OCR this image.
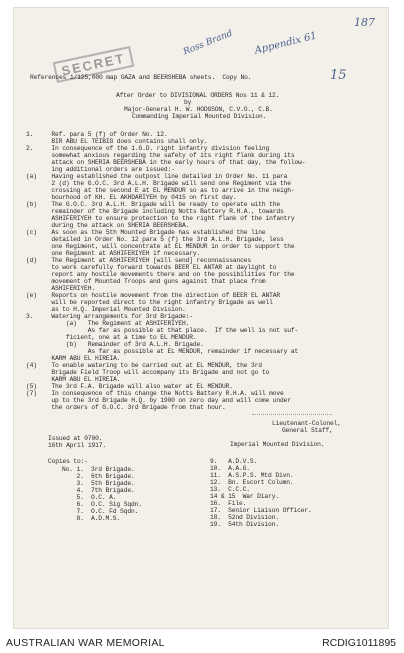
SECRET
Ross Brand Appendix 61
187
15
References 1/125,000 map GAZA and BEERSHEBA sheets.  Copy No.
After Order to DIVISIONAL ORDERS Nos 11 & 12.
by
Major-General H. W. HODGSON, C.V.O., C.B.
Commanding Imperial Mounted Division.
1.     Ref. para 5 (f) of Order No. 12.
BIR ABU EL TEIBIG does contains shall only.
2.     In consequence of the 1.G.D. right infantry division feeling
somewhat anxious regarding the safety of its right flank during its
attack on SHERIA BEERSHEBA in the early hours of that day, the follow-
ing additional orders are issued:-
(a)    Having established the outpost line detailed in Order No. 11 para
2 (d) the G.O.C. 3rd A.L.H. Brigade will send one Regiment via the
crossing at the second E at EL MENDUR so as to arrive in the neigh-
bourhood of KH. EL AKHDARIYEH by 0415 on first day.
(b)    The G.O.C. 3rd A.L.H. Brigade will be ready to operate with the
remainder of the Brigade including Notts Battery R.H.A., towards
ASHIFERIYEH to ensure protection to the right flank of the infantry
during the attack on SHERIA BEERSHEBA.
(c)    As soon as the 5th Mounted Brigade has established the line
detailed in Order No. 12 para 5 (f) the 3rd A.L.H. Brigade, less
one Regiment, will concentrate at EL MENDUR in order to support the
one Regiment at ASHIFERIYEH if necessary.
(d)    The Regiment at ASHIFERIYEH [will send] reconnaissances
to work carefully forward towards BEER EL ANTAR at daylight to
report any hostile movements there and on the possibilities for the
movement of Mounted Troops and guns against that place from
ASHIFERIYEH.
(e)    Reports on hostile movement from the direction of BEER EL ANTAR
will be reported direct to the right infantry Brigade as well
as to H.Q. Imperial Mounted Division.
3.     Watering arrangements for 3rd Brigade:-
(a)   The Regiment at ASHIFERIYEH.
As far as possible at that place.  If the well is not suf-
ficient, one at a time to EL MENDUR.
(b)   Remainder of 3rd A.L.H. Brigade.
As far as possible at EL MENDUR, remainder if necessary at
KARM ABU EL HIREIA.
(4)    To enable watering to be carried out at EL MENDUR, the 3rd
Brigade Field Troop will accompany its Brigade and not go to
KARM ABU EL HIREIA.
(5)    The 3rd F.A. Brigade will also water at EL MENDUR.
(7)    In consequence of this change the Notts Battery R.H.A. will move
up to the 3rd Brigade H.Q. by 1900 on zero day and will come under
the orders of G.O.C. 3rd Brigade from that hour.
Lieutenant-Colonel,
General Staff,
Imperial Mounted Division.
Issued at 0700.
16th April 1917.
Copies to:-
No. 1.  3rd Brigade.
2.  6th Brigade.
3.  5th Brigade.
4.  7th Brigade.
5.  O.C. A.
6.  O.C. Sig Sqdn.
7.  O.C. Fd Sqdn.
8.  A.D.M.S.
9.   A.D.V.S.
10.  A.A.G.
11.  A.S.P.S. Mtd Divn.
12.  Bn. Escort Column.
13.  C.C.C.
14 & 15  War Diary.
16.  File.
17.  Senior Liaison Officer.
18.  52nd Division.
19.  54th Division.
AUSTRALIAN WAR MEMORIAL	RCDIG1011895
